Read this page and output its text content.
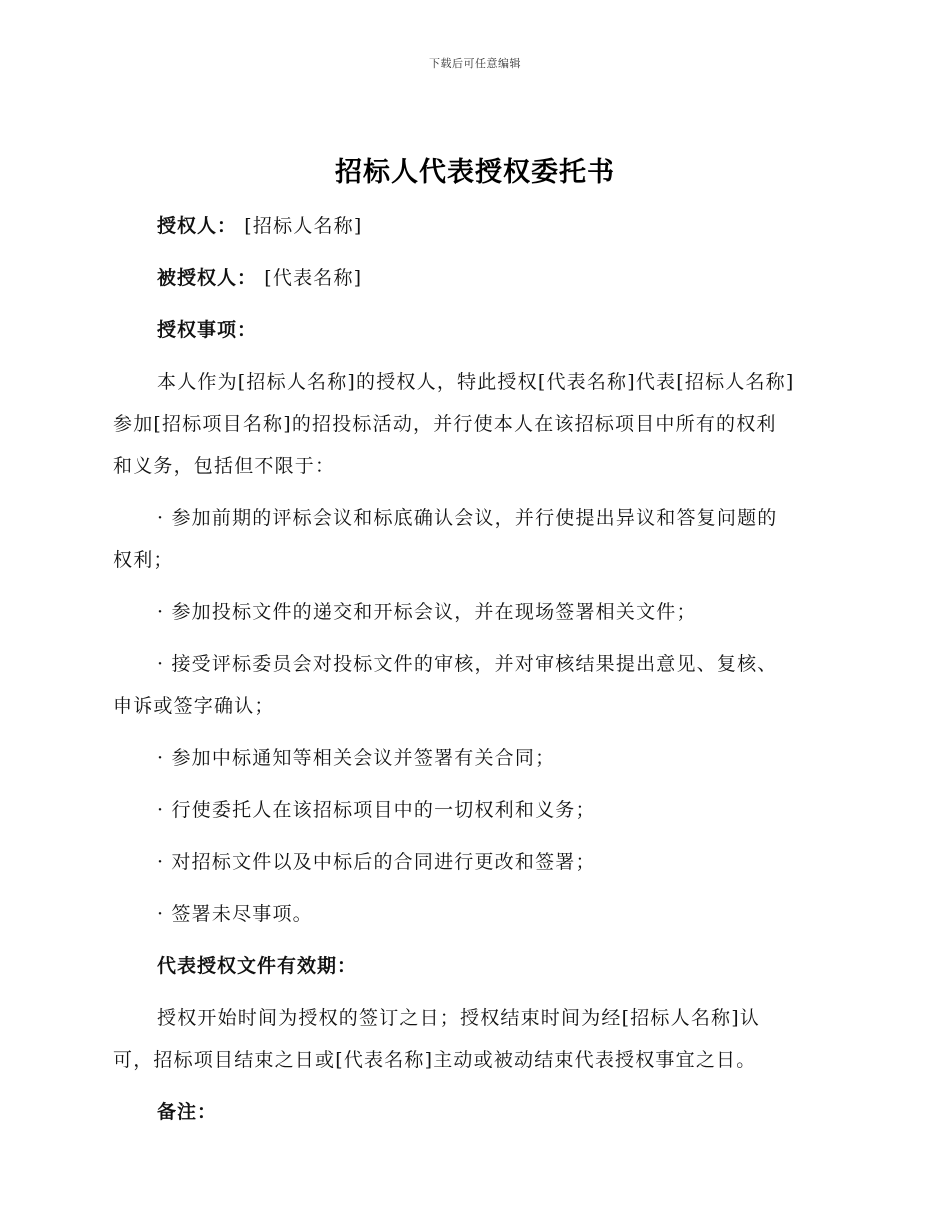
下载后可任意编辑
招标人代表授权委托书
授权人： [招标人名称]
被授权人： [代表名称]
授权事项：
本人作为[招标人名称]的授权人，特此授权[代表名称]代表[招标人名称]
参加[招标项目名称]的招投标活动，并行使本人在该招标项目中所有的权利
和义务，包括但不限于：
· 参加前期的评标会议和标底确认会议，并行使提出异议和答复问题的
权利；
· 参加投标文件的递交和开标会议，并在现场签署相关文件；
· 接受评标委员会对投标文件的审核，并对审核结果提出意见、复核、
申诉或签字确认；
· 参加中标通知等相关会议并签署有关合同；
· 行使委托人在该招标项目中的一切权利和义务；
· 对招标文件以及中标后的合同进行更改和签署；
· 签署未尽事项。
代表授权文件有效期：
授权开始时间为授权的签订之日；授权结束时间为经[招标人名称]认
可，招标项目结束之日或[代表名称]主动或被动结束代表授权事宜之日。
备注：
